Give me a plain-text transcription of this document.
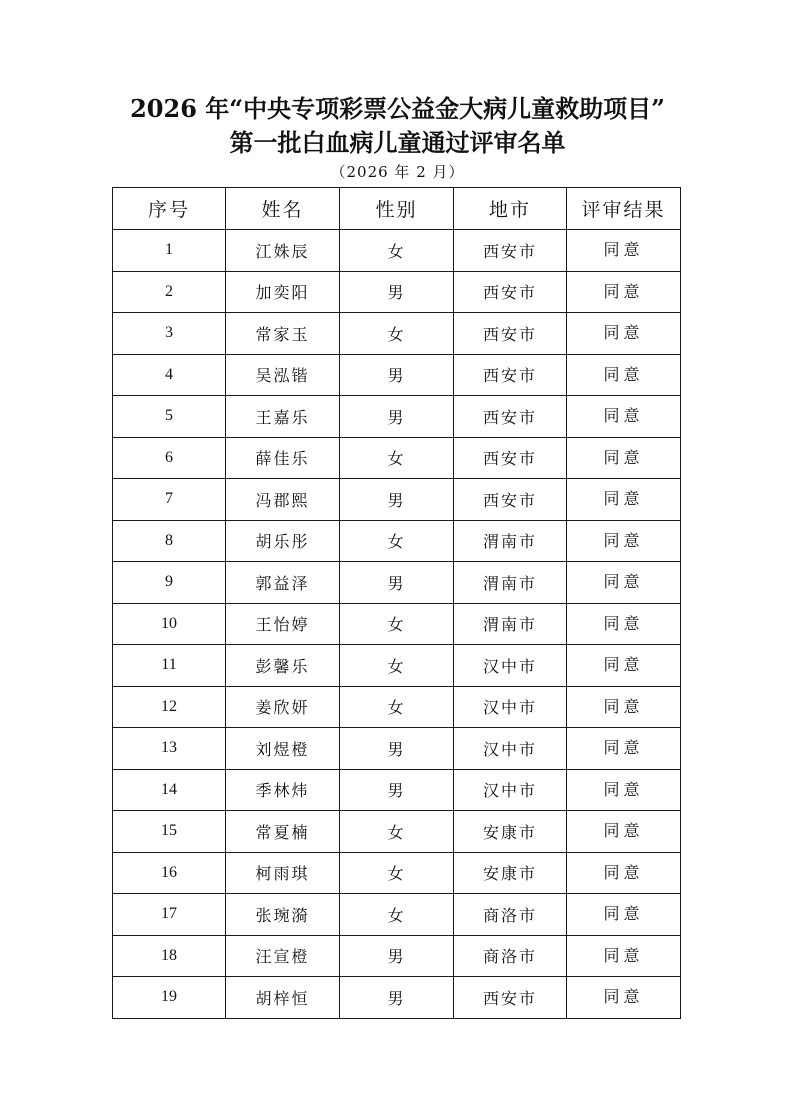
2026 年“中央专项彩票公益金大病儿童救助项目”
第一批白血病儿童通过评审名单
（2026 年 2 月）
序号	姓名	性别	地市	评审结果
1	江姝辰	女	西安市	同意
2	加奕阳	男	西安市	同意
3	常家玉	女	西安市	同意
4	吴泓锴	男	西安市	同意
5	王嘉乐	男	西安市	同意
6	薛佳乐	女	西安市	同意
7	冯郡熙	男	西安市	同意
8	胡乐彤	女	渭南市	同意
9	郭益泽	男	渭南市	同意
10	王怡婷	女	渭南市	同意
11	彭馨乐	女	汉中市	同意
12	姜欣妍	女	汉中市	同意
13	刘煜橙	男	汉中市	同意
14	季林炜	男	汉中市	同意
15	常夏楠	女	安康市	同意
16	柯雨琪	女	安康市	同意
17	张琬漪	女	商洛市	同意
18	汪宣橙	男	商洛市	同意
19	胡梓恒	男	西安市	同意
